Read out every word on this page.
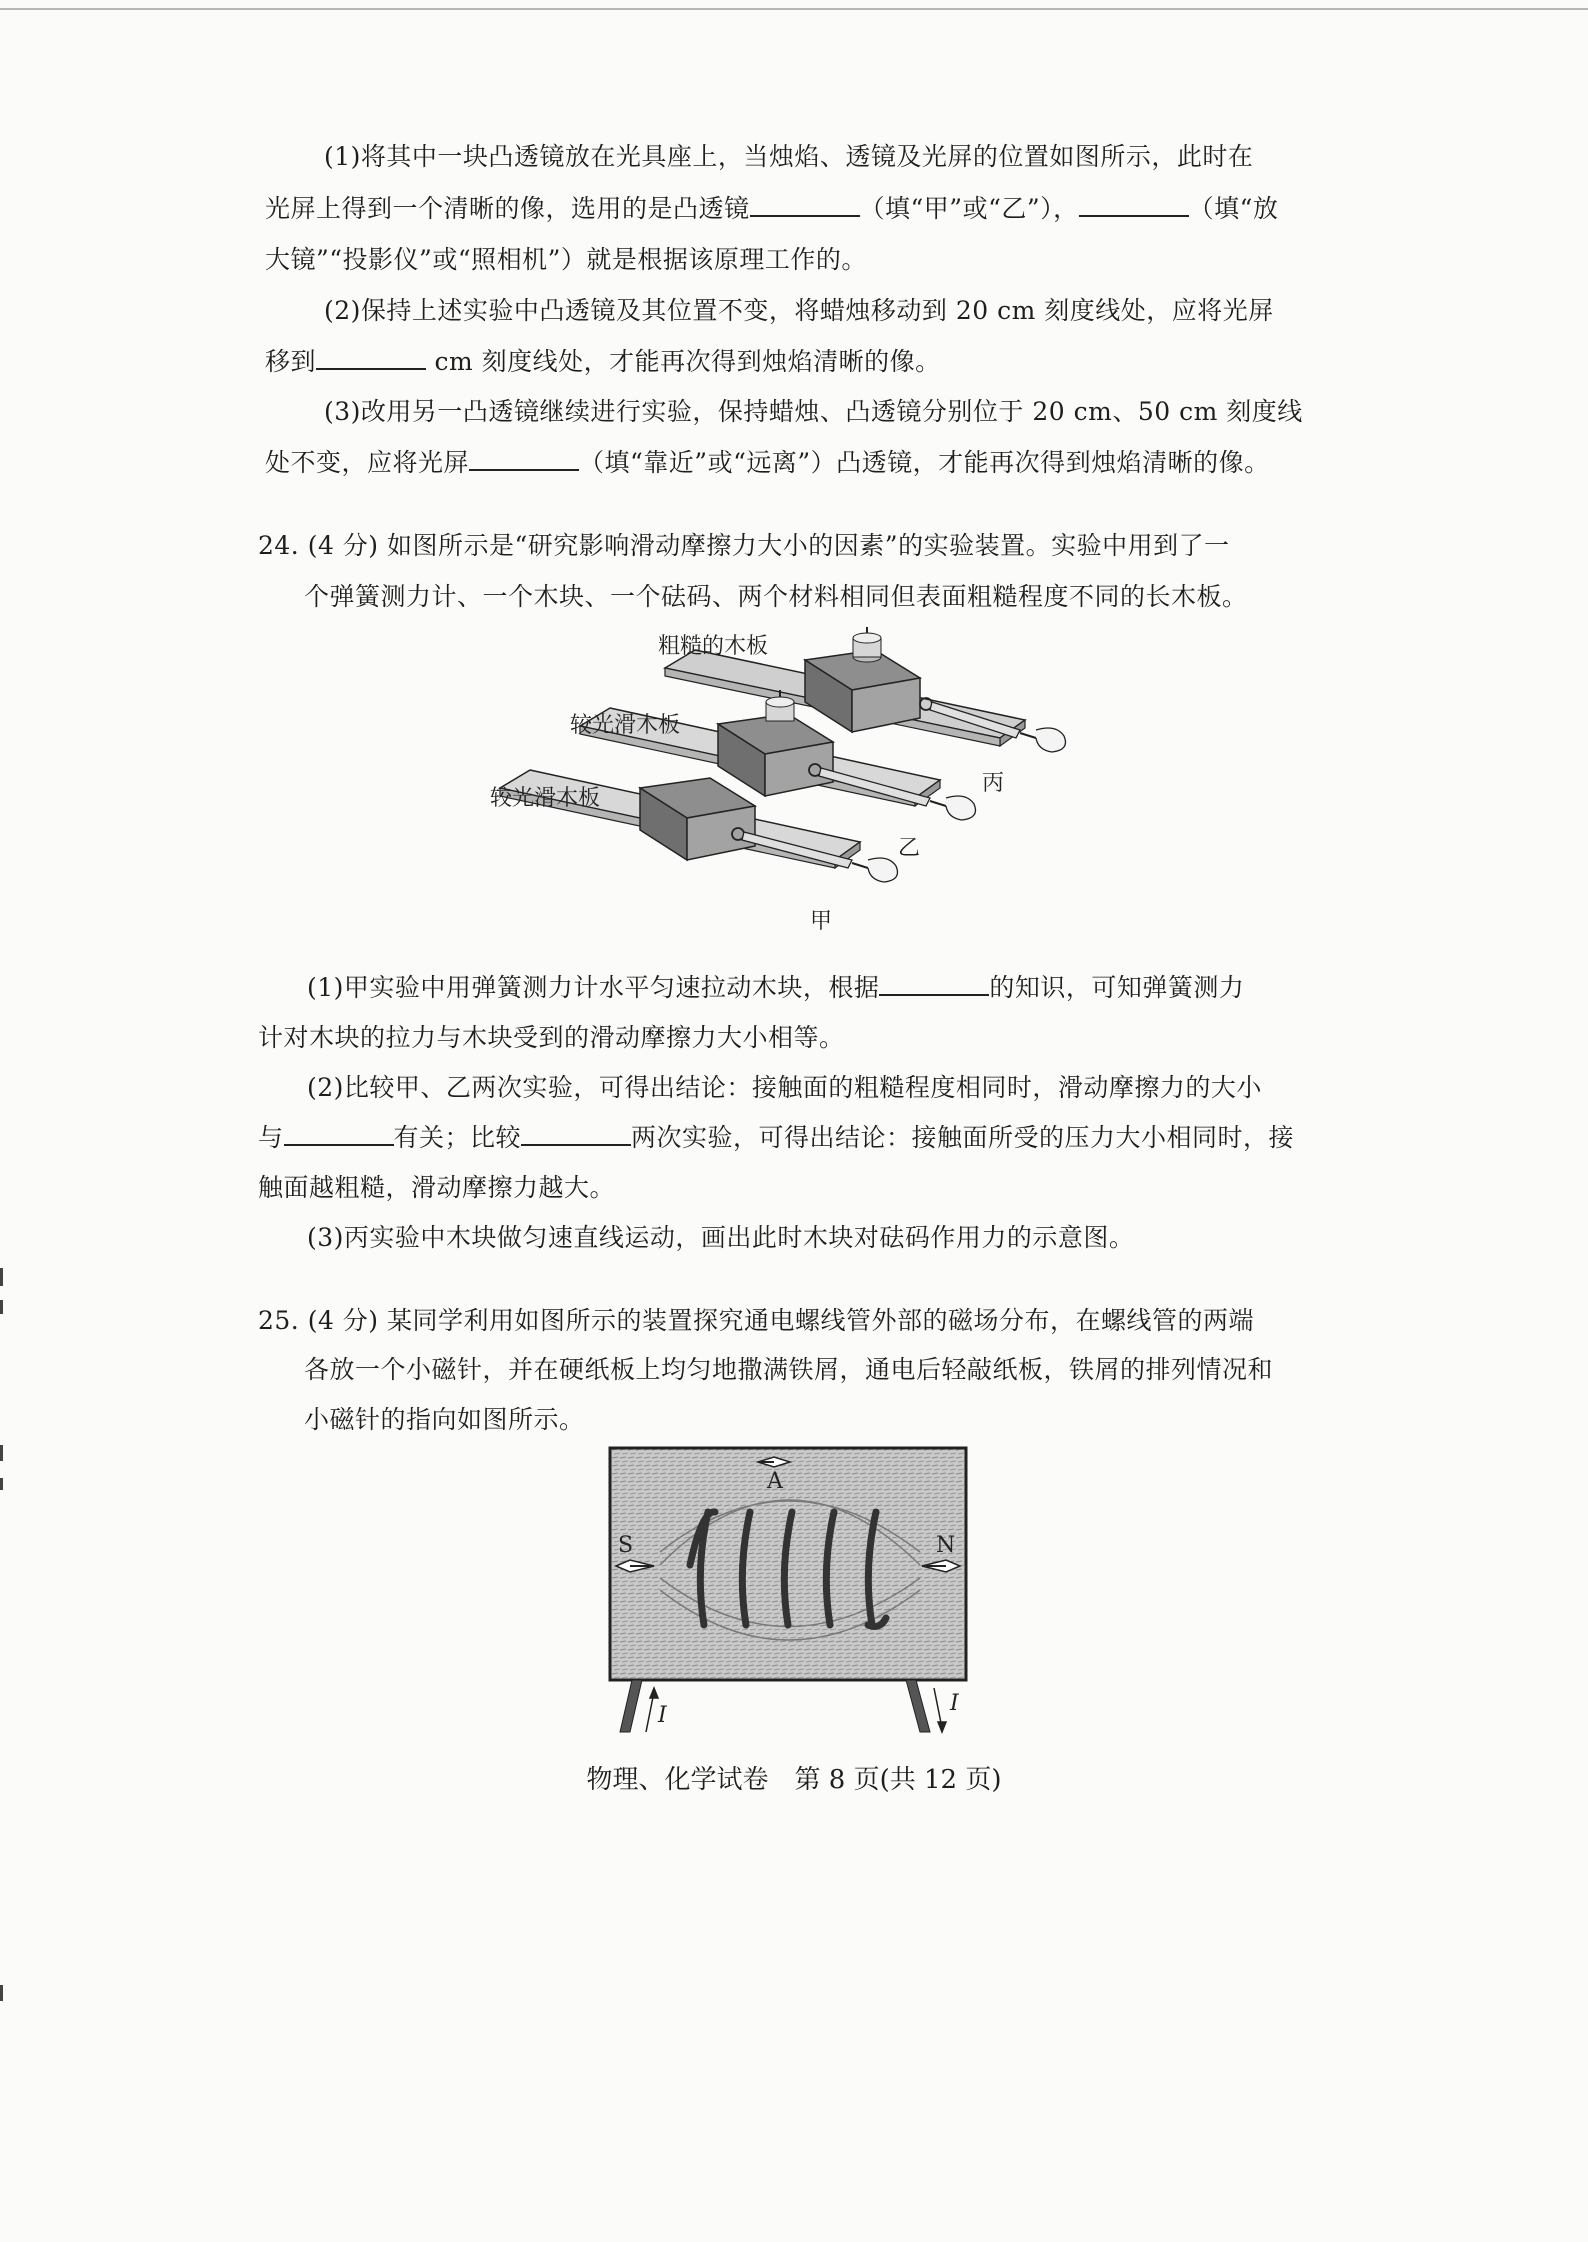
(1)将其中一块凸透镜放在光具座上，当烛焰、透镜及光屏的位置如图所示，此时在

光屏上得到一个清晰的像，选用的是凸透镜	（填“甲”或“乙”），	（填“放

大镜”“投影仪”或“照相机”）就是根据该原理工作的。

(2)保持上述实验中凸透镜及其位置不变，将蜡烛移动到 20 cm 刻度线处，应将光屏

移到	cm 刻度线处，才能再次得到烛焰清晰的像。

(3)改用另一凸透镜继续进行实验，保持蜡烛、凸透镜分别位于 20 cm、50 cm 刻度线

处不变，应将光屏	（填“靠近”或“远离”）凸透镜，才能再次得到烛焰清晰的像。

24. (4 分) 如图所示是“研究影响滑动摩擦力大小的因素”的实验装置。实验中用到了一

个弹簧测力计、一个木块、一个砝码、两个材料相同但表面粗糙程度不同的长木板。

粗糙的木板
较光滑木板
较光滑木板
丙
乙
甲

(1)甲实验中用弹簧测力计水平匀速拉动木块，根据	的知识，可知弹簧测力

计对木块的拉力与木块受到的滑动摩擦力大小相等。

(2)比较甲、乙两次实验，可得出结论：接触面的粗糙程度相同时，滑动摩擦力的大小

与	有关；比较	两次实验，可得出结论：接触面所受的压力大小相同时，接

触面越粗糙，滑动摩擦力越大。

(3)丙实验中木块做匀速直线运动，画出此时木块对砝码作用力的示意图。

25. (4 分) 某同学利用如图所示的装置探究通电螺线管外部的磁场分布，在螺线管的两端

各放一个小磁针，并在硬纸板上均匀地撒满铁屑，通电后轻敲纸板，铁屑的排列情况和

小磁针的指向如图所示。

A
S	N
I	I
物理、化学试卷　第 8 页(共 12 页)
